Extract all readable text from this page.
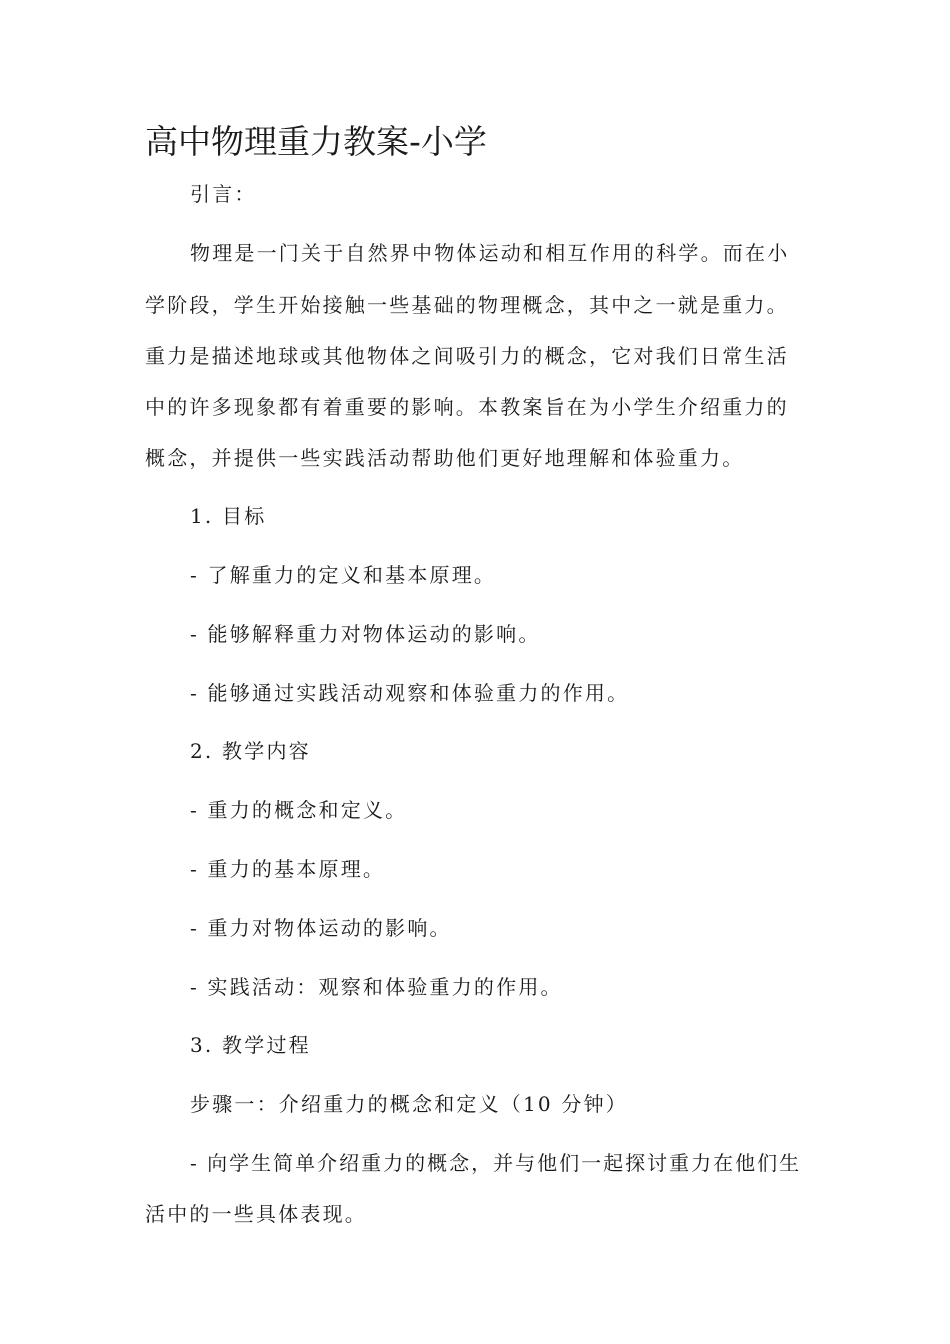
高中物理重力教案-小学

引言：

物理是一门关于自然界中物体运动和相互作用的科学。而在小

学阶段，学生开始接触一些基础的物理概念，其中之一就是重力。

重力是描述地球或其他物体之间吸引力的概念，它对我们日常生活

中的许多现象都有着重要的影响。本教案旨在为小学生介绍重力的

概念，并提供一些实践活动帮助他们更好地理解和体验重力。

1. 目标

- 了解重力的定义和基本原理。

- 能够解释重力对物体运动的影响。

- 能够通过实践活动观察和体验重力的作用。

2. 教学内容

- 重力的概念和定义。

- 重力的基本原理。

- 重力对物体运动的影响。

- 实践活动：观察和体验重力的作用。

3. 教学过程

步骤一：介绍重力的概念和定义（10 分钟）

- 向学生简单介绍重力的概念，并与他们一起探讨重力在他们生

活中的一些具体表现。
